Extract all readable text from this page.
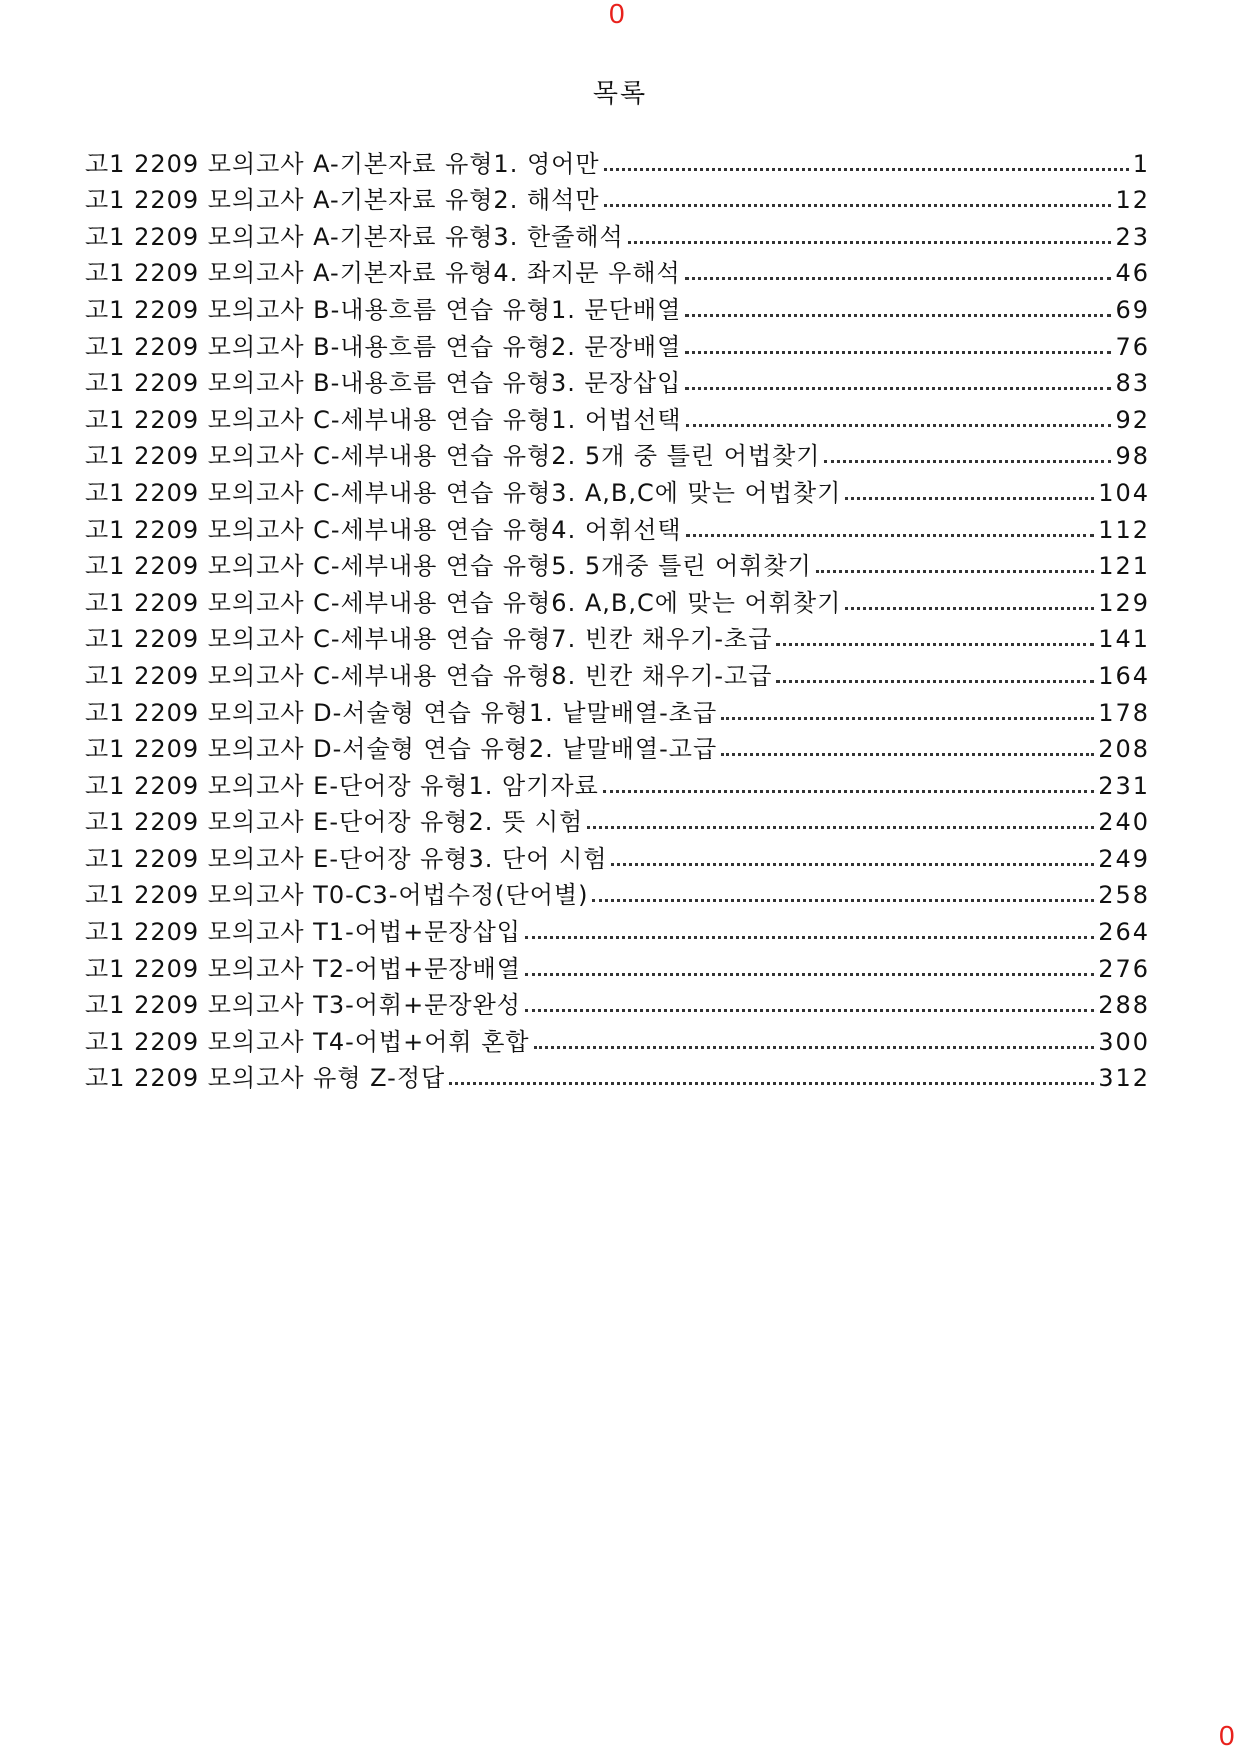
0
목록
고1 2209 모의고사 A-기본자료 유형1. 영어만	1
고1 2209 모의고사 A-기본자료 유형2. 해석만	12
고1 2209 모의고사 A-기본자료 유형3. 한줄해석	23
고1 2209 모의고사 A-기본자료 유형4. 좌지문 우해석	46
고1 2209 모의고사 B-내용흐름 연습 유형1. 문단배열	69
고1 2209 모의고사 B-내용흐름 연습 유형2. 문장배열	76
고1 2209 모의고사 B-내용흐름 연습 유형3. 문장삽입	83
고1 2209 모의고사 C-세부내용 연습 유형1. 어법선택	92
고1 2209 모의고사 C-세부내용 연습 유형2. 5개 중 틀린 어법찾기	98
고1 2209 모의고사 C-세부내용 연습 유형3. A,B,C에 맞는 어법찾기	104
고1 2209 모의고사 C-세부내용 연습 유형4. 어휘선택	112
고1 2209 모의고사 C-세부내용 연습 유형5. 5개중 틀린 어휘찾기	121
고1 2209 모의고사 C-세부내용 연습 유형6. A,B,C에 맞는 어휘찾기	129
고1 2209 모의고사 C-세부내용 연습 유형7. 빈칸 채우기-초급	141
고1 2209 모의고사 C-세부내용 연습 유형8. 빈칸 채우기-고급	164
고1 2209 모의고사 D-서술형 연습 유형1. 낱말배열-초급	178
고1 2209 모의고사 D-서술형 연습 유형2. 낱말배열-고급	208
고1 2209 모의고사 E-단어장 유형1. 암기자료	231
고1 2209 모의고사 E-단어장 유형2. 뜻 시험	240
고1 2209 모의고사 E-단어장 유형3. 단어 시험	249
고1 2209 모의고사 T0-C3-어법수정(단어별)	258
고1 2209 모의고사 T1-어법+문장삽입	264
고1 2209 모의고사 T2-어법+문장배열	276
고1 2209 모의고사 T3-어휘+문장완성	288
고1 2209 모의고사 T4-어법+어휘 혼합	300
고1 2209 모의고사 유형 Z-정답	312
0
